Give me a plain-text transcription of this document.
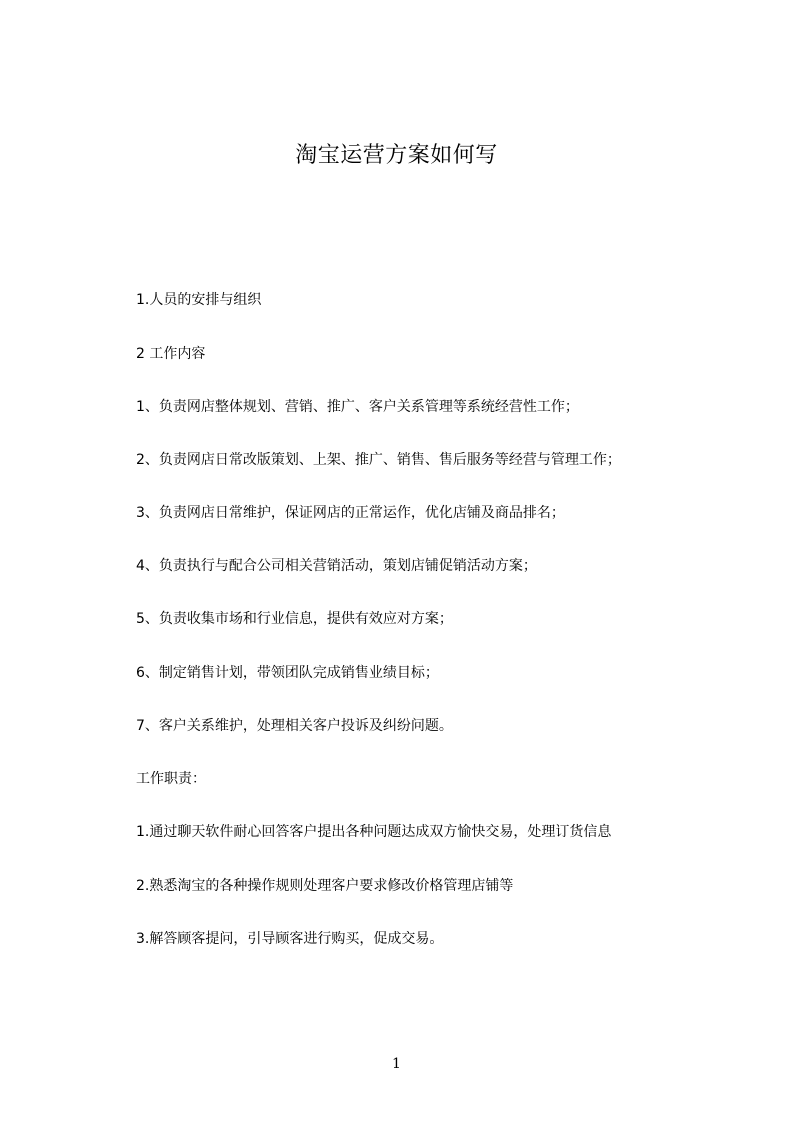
淘宝运营方案如何写
1.人员的安排与组织
2 工作内容
1、负责网店整体规划、营销、推广、客户关系管理等系统经营性工作；
2、负责网店日常改版策划、上架、推广、销售、售后服务等经营与管理工作；
3、负责网店日常维护，保证网店的正常运作，优化店铺及商品排名；
4、负责执行与配合公司相关营销活动，策划店铺促销活动方案；
5、负责收集市场和行业信息，提供有效应对方案；
6、制定销售计划，带领团队完成销售业绩目标；
7、客户关系维护，处理相关客户投诉及纠纷问题。
工作职责：
1.通过聊天软件耐心回答客户提出各种问题达成双方愉快交易，处理订货信息
2.熟悉淘宝的各种操作规则处理客户要求修改价格管理店铺等
3.解答顾客提问，引导顾客进行购买，促成交易。
1
